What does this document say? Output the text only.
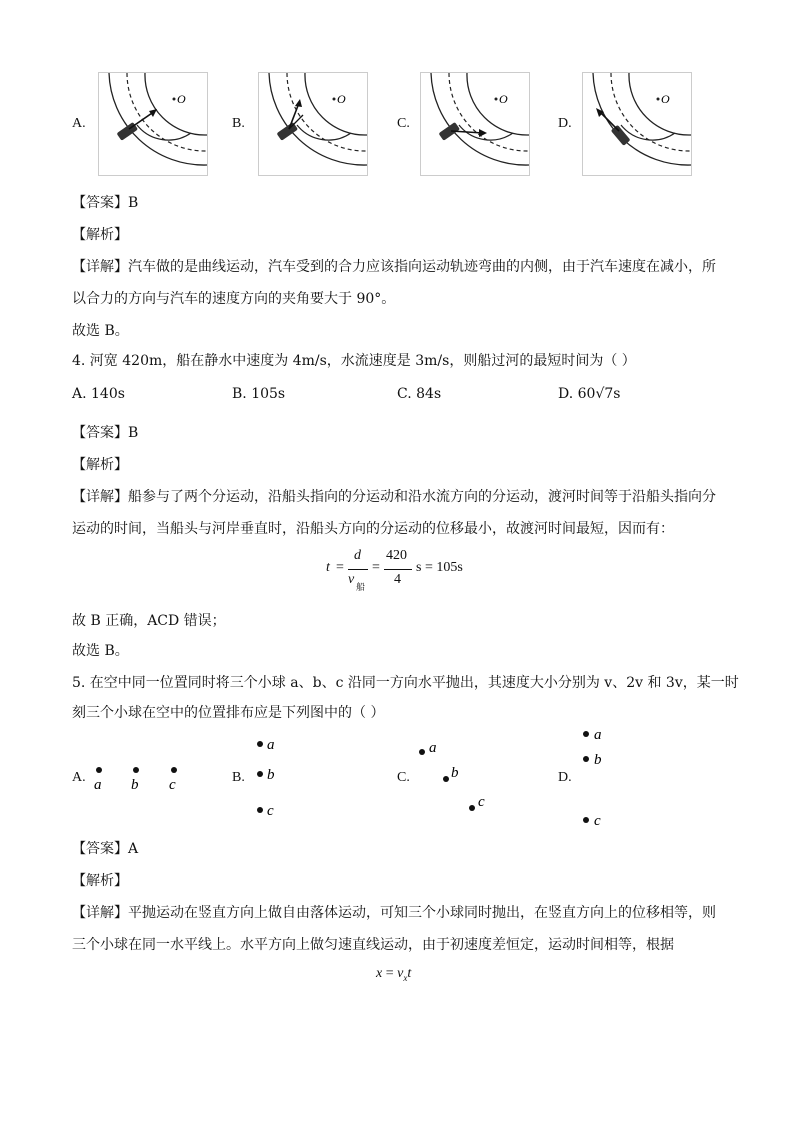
A.	B.	C.	D.
O	O	O	O
【答案】B
【解析】
【详解】汽车做的是曲线运动，汽车受到的合力应该指向运动轨迹弯曲的内侧，由于汽车速度在减小，所
以合力的方向与汽车的速度方向的夹角要大于 90°。
故选 B。
4. 河宽 420m，船在静水中速度为 4m/s，水流速度是 3m/s，则船过河的最短时间为（ ）
A. 140s	B. 105s	C. 84s	D. 60√7s
【答案】B
【解析】
【详解】船参与了两个分运动，沿船头指向的分运动和沿水流方向的分运动，渡河时间等于沿船头指向分
运动的时间，当船头与河岸垂直时，沿船头方向的分运动的位移最小，故渡河时间最短，因而有：
t =
d
v 船
=
420
4
s = 105s
故 B 正确，ACD 错误；
故选 B。
5. 在空中同一位置同时将三个小球 a、b、c 沿同一方向水平抛出，其速度大小分别为 v、2v 和 3v，某一时
刻三个小球在空中的位置排布应是下列图中的（ ）
A.	B.	C.	D.
a b c
a
b
c
a
b
c
a
b
c
【答案】A
【解析】
【详解】平抛运动在竖直方向上做自由落体运动，可知三个小球同时抛出，在竖直方向上的位移相等，则
三个小球在同一水平线上。水平方向上做匀速直线运动，由于初速度差恒定，运动时间相等，根据
$x = v_xt$
